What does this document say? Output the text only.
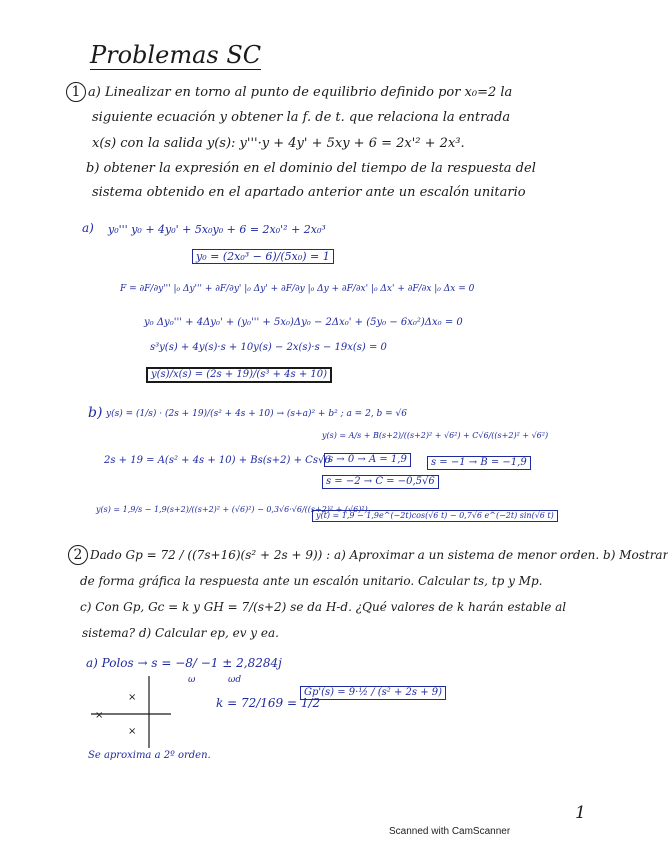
Problemas SC
1 a) Linealizar en torno al punto de equilibrio definido por x₀=2 la
siguiente ecuación y obtener la f. de t. que relaciona la entrada
x(s) con la salida y(s): y'''·y + 4y' + 5xy + 6 = 2x'² + 2x³.
b) obtener la expresión en el dominio del tiempo de la respuesta del
sistema obtenido en el apartado anterior ante un escalón unitario
a) y₀''' y₀ + 4y₀' + 5x₀y₀ + 6 = 2x₀'² + 2x₀³
y₀ = (2x₀³ − 6)/(5x₀) = 1
F = ∂F/∂y''' |₀ Δy''' + ∂F/∂y' |₀ Δy' + ∂F/∂y |₀ Δy + ∂F/∂x' |₀ Δx' + ∂F/∂x |₀ Δx = 0
y₀ Δy₀''' + 4Δy₀' + (y₀''' + 5x₀)Δy₀ − 2Δx₀' + (5y₀ − 6x₀²)Δx₀ = 0
s³y(s) + 4y(s)·s + 10y(s) − 2x(s)·s − 19x(s) = 0
y(s)/x(s) = (2s + 19)/(s³ + 4s + 10)
b) y(s) = (1/s) · (2s + 19)/(s² + 4s + 10) → (s+a)² + b² ; a = 2, b = √6
y(s) = A/s + B(s+2)/((s+2)² + √6²) + C√6/((s+2)² + √6²)
2s + 19 = A(s² + 4s + 10) + Bs(s+2) + Cs√6
s → 0 → A = 1,9	s = −1 → B = −1,9
s = −2 → C = −0,5√6
y(s) = 1,9/s − 1,9(s+2)/((s+2)² + (√6)²) − 0,3√6·√6/((s+2)² + (√6)²)
y(t) = 1,9 − 1,9e^(−2t)cos(√6 t) − 0,7√6 e^(−2t) sin(√6 t)
2 Dado Gp = 72 / ((7s+16)(s² + 2s + 9)) : a) Aproximar a un sistema de menor orden. b) Mostrar
de forma gráfica la respuesta ante un escalón unitario. Calcular ts, tp y Mp.
c) Con Gp, Gc = k y GH = 7/(s+2) se da H-d. ¿Qué valores de k harán estable al
sistema? d) Calcular ep, ev y ea.
a) Polos → s = −8/ −1 ± 2,8284j
ω	ωd
k = 72/169 = 1/2
Gp'(s) = 9·½ / (s² + 2s + 9)
Se aproxima a 2º orden.
×
×
×
1
Scanned with CamScanner
